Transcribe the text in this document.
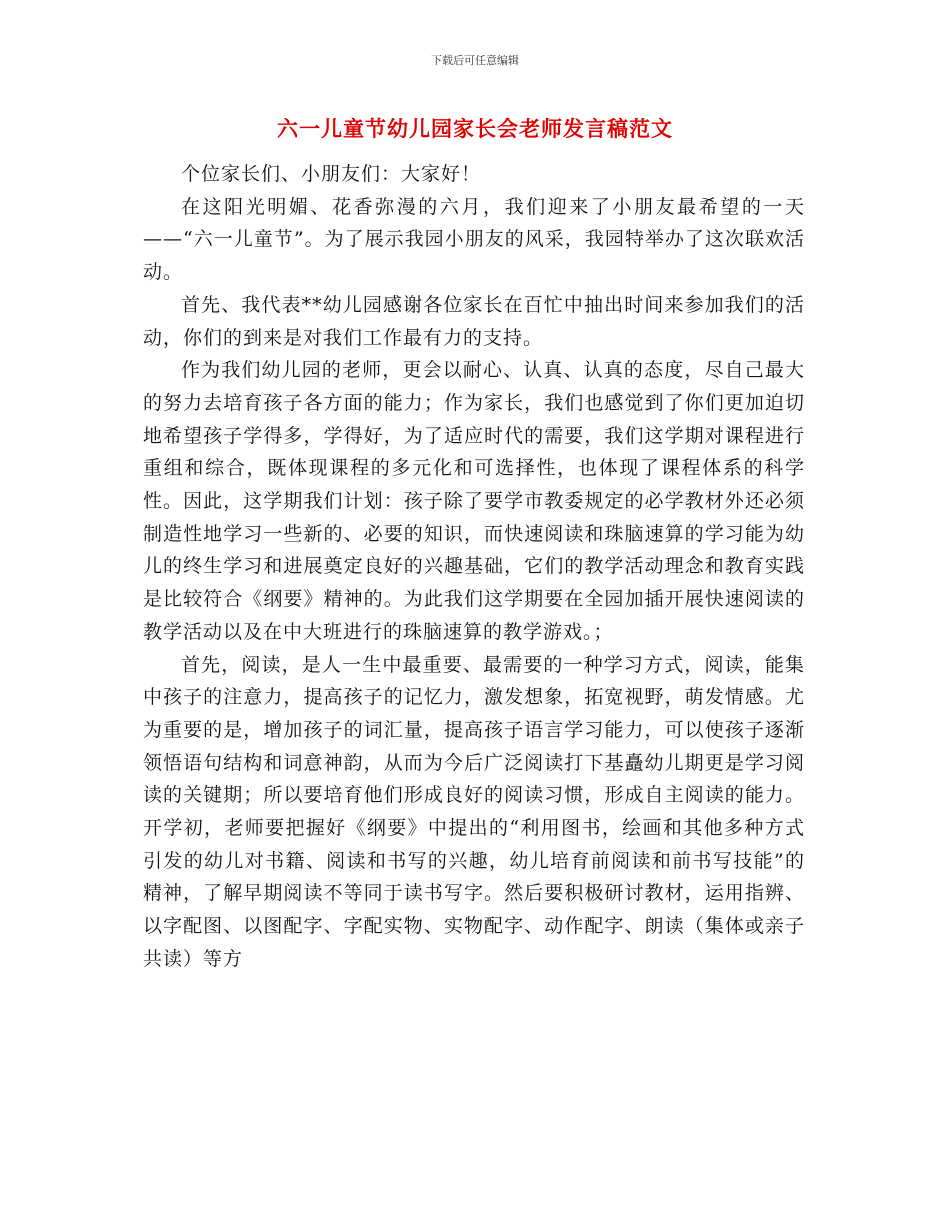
下载后可任意编辑
六一儿童节幼儿园家长会老师发言稿范文

个位家长们、小朋友们：大家好！

在这阳光明媚、花香弥漫的六月，我们迎来了小朋友最希望的一天——“六一儿童节”。为了展示我园小朋友的风采，我园特举办了这次联欢活动。

首先、我代表**幼儿园感谢各位家长在百忙中抽出时间来参加我们的活动，你们的到来是对我们工作最有力的支持。

作为我们幼儿园的老师，更会以耐心、认真、认真的态度，尽自己最大的努力去培育孩子各方面的能力；作为家长，我们也感觉到了你们更加迫切地希望孩子学得多，学得好，为了适应时代的需要，我们这学期对课程进行重组和综合，既体现课程的多元化和可选择性，也体现了课程体系的科学性。因此，这学期我们计划：孩子除了要学市教委规定的必学教材外还必须制造性地学习一些新的、必要的知识，而快速阅读和珠脑速算的学习能为幼儿的终生学习和进展奠定良好的兴趣基础，它们的教学活动理念和教育实践是比较符合《纲要》精神的。为此我们这学期要在全园加插开展快速阅读的教学活动以及在中大班进行的珠脑速算的教学游戏。；

首先，阅读，是人一生中最重要、最需要的一种学习方式，阅读，能集中孩子的注意力，提高孩子的记忆力，激发想象，拓宽视野，萌发情感。尤为重要的是，增加孩子的词汇量，提高孩子语言学习能力，可以使孩子逐渐领悟语句结构和词意神韵，从而为今后广泛阅读打下基矗幼儿期更是学习阅读的关键期；所以要培育他们形成良好的阅读习惯，形成自主阅读的能力。开学初，老师要把握好《纲要》中提出的“利用图书，绘画和其他多种方式引发的幼儿对书籍、阅读和书写的兴趣，幼儿培育前阅读和前书写技能”的精神，了解早期阅读不等同于读书写字。然后要积极研讨教材，运用指辨、以字配图、以图配字、字配实物、实物配字、动作配字、朗读（集体或亲子共读）等方
